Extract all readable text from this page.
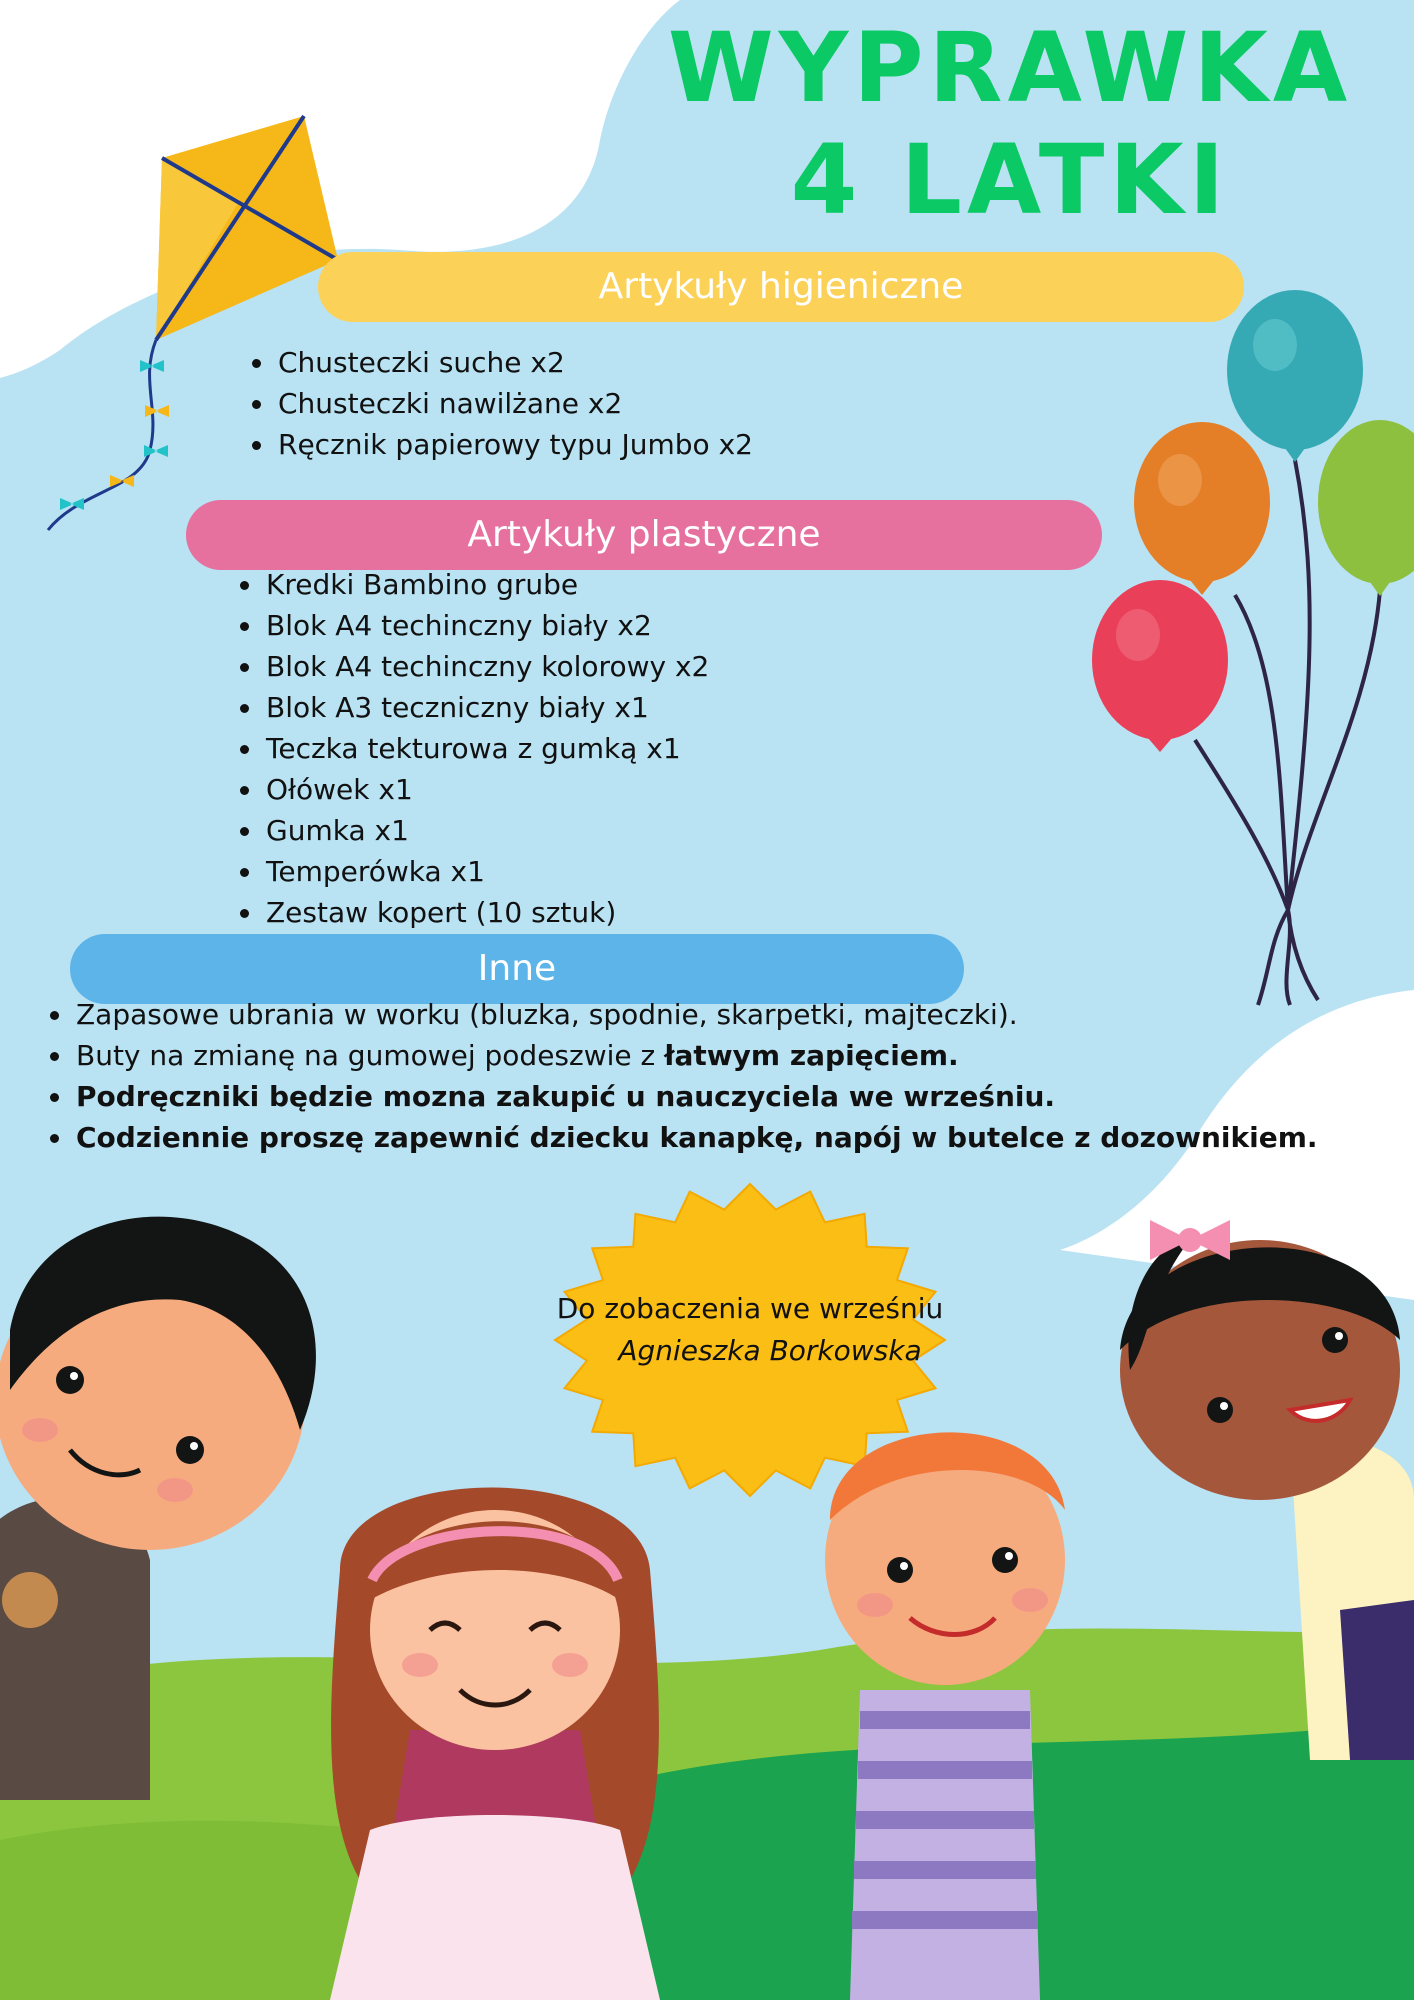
WYPRAWKA
4 LATKI
Artykuły higieniczne
Chusteczki suche x2
Chusteczki nawilżane x2
Ręcznik papierowy typu Jumbo x2
Artykuły plastyczne
Kredki Bambino grube
Blok A4 techinczny biały x2
Blok A4 techinczny kolorowy x2
Blok A3 teczniczny biały x1
Teczka tekturowa z gumką x1
Ołówek x1
Gumka x1
Temperówka x1
Zestaw kopert (10 sztuk)
Inne
Zapasowe ubrania w worku (bluzka, spodnie, skarpetki, majteczki).
Buty na zmianę na gumowej podeszwie z łatwym zapięciem.
Podręczniki będzie mozna zakupić u nauczyciela we wrześniu.
Codziennie proszę zapewnić dziecku kanapkę, napój w butelce z dozownikiem.
Do zobaczenia we wrześniu
Agnieszka Borkowska
